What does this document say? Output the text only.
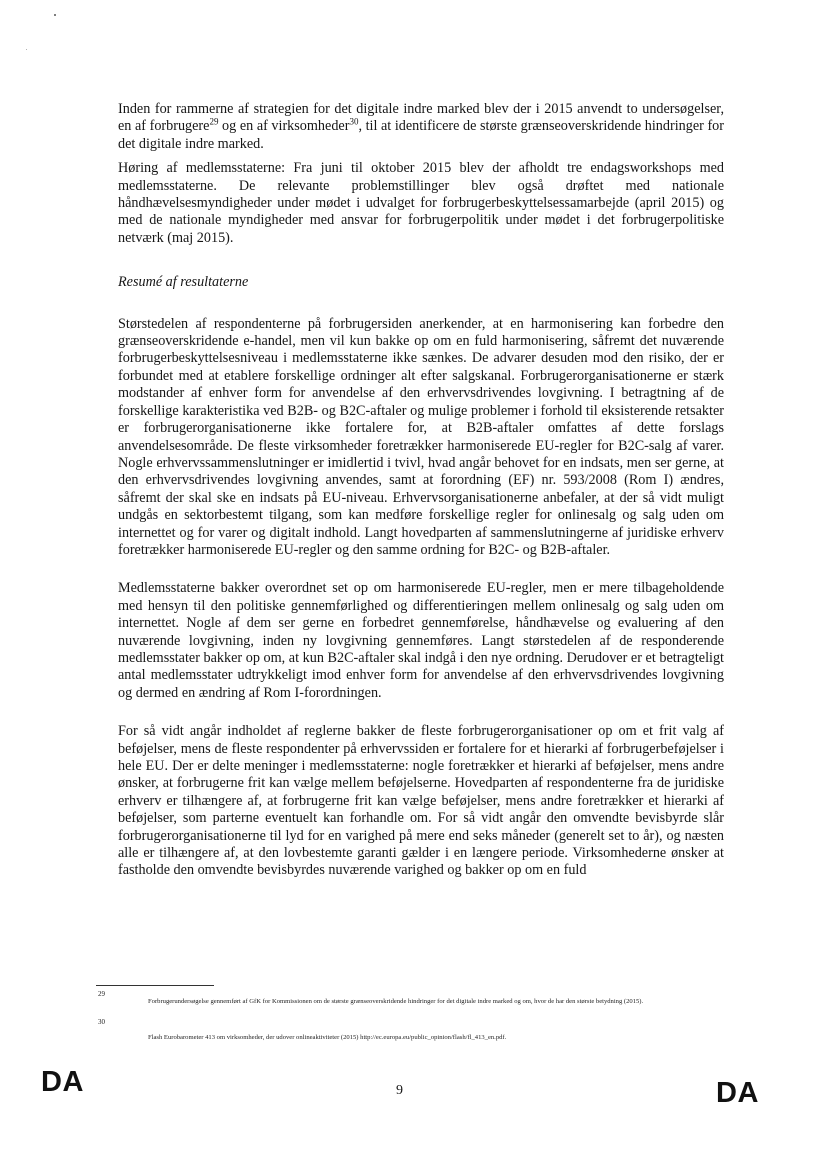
Inden for rammerne af strategien for det digitale indre marked blev der i 2015 anvendt to undersøgelser, en af forbrugere$^{29}$ og en af virksomheder$^{30}$, til at identificere de største grænseoverskridende hindringer for det digitale indre marked.

Høring af medlemsstaterne: Fra juni til oktober 2015 blev der afholdt tre endagsworkshops med medlemsstaterne. De relevante problemstillinger blev også drøftet med nationale håndhævelsesmyndigheder under mødet i udvalget for forbrugerbeskyttelsessamarbejde (april 2015) og med de nationale myndigheder med ansvar for forbrugerpolitik under mødet i det forbrugerpolitiske netværk (maj 2015).

Resumé af resultaterne

Størstedelen af respondenterne på forbrugersiden anerkender, at en harmonisering kan forbedre den grænseoverskridende e-handel, men vil kun bakke op om en fuld harmonisering, såfremt det nuværende forbrugerbeskyttelsesniveau i medlemsstaterne ikke sænkes. De advarer desuden mod den risiko, der er forbundet med at etablere forskellige ordninger alt efter salgskanal. Forbrugerorganisationerne er stærk modstander af enhver form for anvendelse af den erhvervsdrivendes lovgivning. I betragtning af de forskellige karakteristika ved B2B- og B2C-aftaler og mulige problemer i forhold til eksisterende retsakter er forbrugerorganisationerne ikke fortalere for, at B2B-aftaler omfattes af dette forslags anvendelsesområde. De fleste virksomheder foretrækker harmoniserede EU-regler for B2C-salg af varer. Nogle erhvervssammenslutninger er imidlertid i tvivl, hvad angår behovet for en indsats, men ser gerne, at den erhvervsdrivendes lovgivning anvendes, samt at forordning (EF) nr. 593/2008 (Rom I) ændres, såfremt der skal ske en indsats på EU-niveau. Erhvervsorganisationerne anbefaler, at der så vidt muligt undgås en sektorbestemt tilgang, som kan medføre forskellige regler for onlinesalg og salg uden om internettet og for varer og digitalt indhold. Langt hovedparten af sammenslutningerne af juridiske erhverv foretrækker harmoniserede EU-regler og den samme ordning for B2C- og B2B-aftaler.

Medlemsstaterne bakker overordnet set op om harmoniserede EU-regler, men er mere tilbageholdende med hensyn til den politiske gennemførlighed og differentieringen mellem onlinesalg og salg uden om internettet. Nogle af dem ser gerne en forbedret gennemførelse, håndhævelse og evaluering af den nuværende lovgivning, inden ny lovgivning gennemføres. Langt størstedelen af de responderende medlemsstater bakker op om, at kun B2C-aftaler skal indgå i den nye ordning. Derudover er et betragteligt antal medlemsstater udtrykkeligt imod enhver form for anvendelse af den erhvervsdrivendes lovgivning og dermed en ændring af Rom I-forordningen.

For så vidt angår indholdet af reglerne bakker de fleste forbrugerorganisationer op om et frit valg af beføjelser, mens de fleste respondenter på erhvervssiden er fortalere for et hierarki af forbrugerbeføjelser i hele EU. Der er delte meninger i medlemsstaterne: nogle foretrækker et hierarki af beføjelser, mens andre ønsker, at forbrugerne frit kan vælge mellem beføjelserne. Hovedparten af respondenterne fra de juridiske erhverv er tilhængere af, at forbrugerne frit kan vælge beføjelser, mens andre foretrækker et hierarki af beføjelser, som parterne eventuelt kan forhandle om. For så vidt angår den omvendte bevisbyrde slår forbrugerorganisationerne til lyd for en varighed på mere end seks måneder (generelt set to år), og næsten alle er tilhængere af, at den lovbestemte garanti gælder i en længere periode. Virksomhederne ønsker at fastholde den omvendte bevisbyrdes nuværende varighed og bakker op om en fuld

29
Forbrugerundersøgelse gennemført af GfK for Kommissionen om de største grænseoverskridende hindringer for det digitale indre marked og om, hvor de har den største betydning (2015).
30
Flash Eurobarometer 413 om virksomheder, der udover onlineaktiviteter (2015) http://ec.europa.eu/public_opinion/flash/fl_413_en.pdf.
DA	9	DA
